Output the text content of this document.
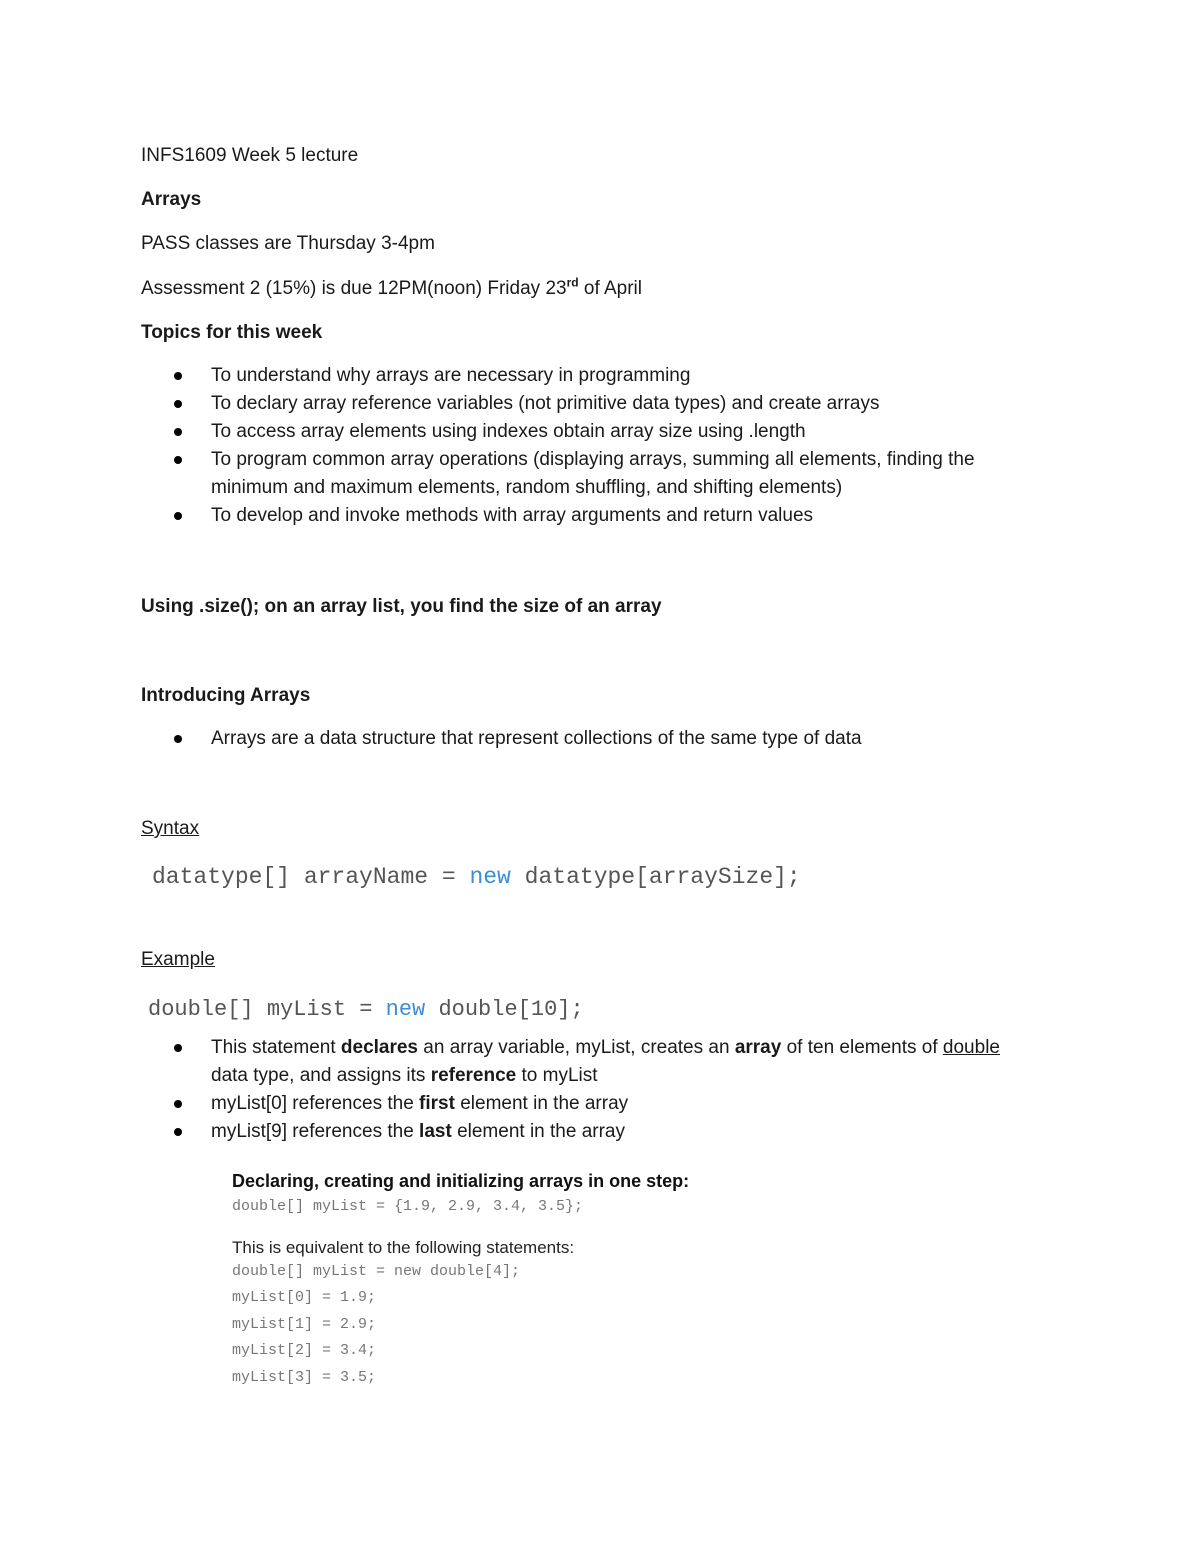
INFS1609 Week 5 lecture
Arrays
PASS classes are Thursday 3-4pm
Assessment 2 (15%) is due 12PM(noon) Friday 23rd of April
Topics for this week
To understand why arrays are necessary in programming
To declary array reference variables (not primitive data types) and create arrays
To access array elements using indexes obtain array size using .length
To program common array operations (displaying arrays, summing all elements, finding the minimum and maximum elements, random shuffling, and shifting elements)
To develop and invoke methods with array arguments and return values
Using .size(); on an array list, you find the size of an array
Introducing Arrays
Arrays are a data structure that represent collections of the same type of data
Syntax
datatype[] arrayName = new datatype[arraySize];
Example
double[] myList = new double[10];
This statement declares an array variable, myList, creates an array of ten elements of double data type, and assigns its reference to myList
myList[0] references the first element in the array
myList[9] references the last element in the array
Declaring, creating and initializing arrays in one step:
double[] myList = {1.9, 2.9, 3.4, 3.5};
This is equivalent to the following statements:
double[] myList = new double[4];
myList[0] = 1.9;
myList[1] = 2.9;
myList[2] = 3.4;
myList[3] = 3.5;
